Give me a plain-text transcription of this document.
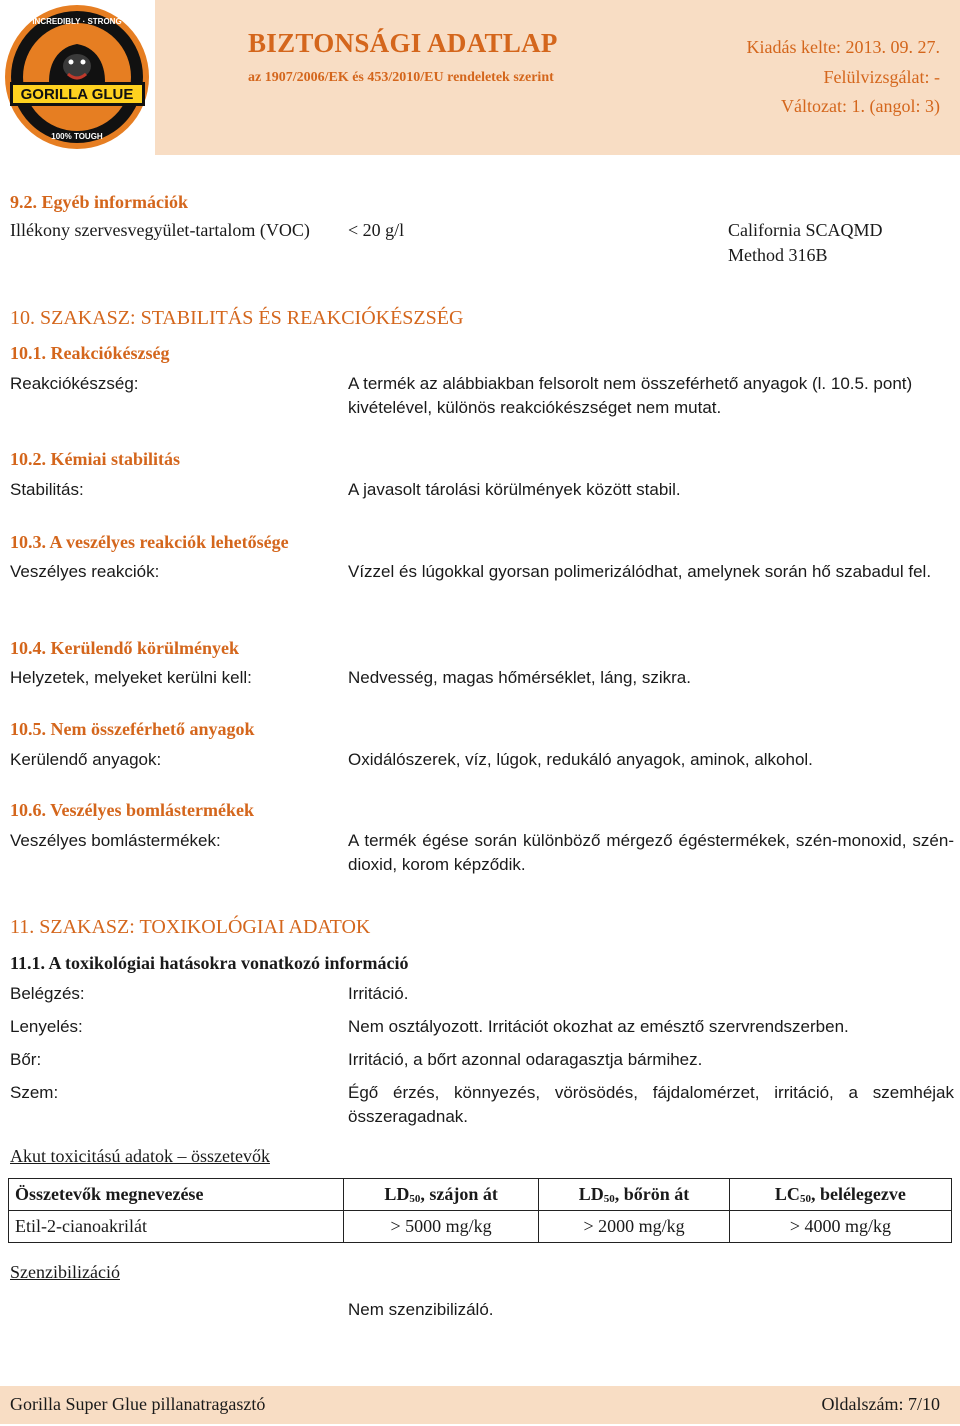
GORILLA GLUE
INCREDIBLY · STRONG
100% TOUGH
BIZTONSÁGI ADATLAP
az 1907/2006/EK és 453/2010/EU rendeletek szerint
Kiadás kelte: 2013. 09. 27.
Felülvizsgálat: -
Változat: 1. (angol: 3)
9.2. Egyéb információk
Illékony szervesvegyület-tartalom (VOC) < 20 g/l	California SCAQMD
Method 316B
10. SZAKASZ: STABILITÁS ÉS REAKCIÓKÉSZSÉG
10.1. Reakciókészség
Reakciókészség:	A termék az alábbiakban felsorolt nem összeférhető anyagok (l. 10.5. pont) kivételével, különös reakciókészséget nem mutat.
10.2. Kémiai stabilitás
Stabilitás:	A javasolt tárolási körülmények között stabil.
10.3. A veszélyes reakciók lehetősége
Veszélyes reakciók:	Vízzel és lúgokkal gyorsan polimerizálódhat, amelynek során hő szabadul fel.
10.4. Kerülendő körülmények
Helyzetek, melyeket kerülni kell:	Nedvesség, magas hőmérséklet, láng, szikra.
10.5. Nem összeférhető anyagok
Kerülendő anyagok:	Oxidálószerek, víz, lúgok, redukáló anyagok, aminok, alkohol.
10.6. Veszélyes bomlástermékek
Veszélyes bomlástermékek:	A termék égése során különböző mérgező égéstermékek, szén-monoxid, szén-dioxid, korom képződik.
11. SZAKASZ: TOXIKOLÓGIAI ADATOK
11.1. A toxikológiai hatásokra vonatkozó információ
Belégzés:	Irritáció.
Lenyelés:	Nem osztályozott. Irritációt okozhat az emésztő szervrendszerben.
Bőr:	Irritáció, a bőrt azonnal odaragasztja bármihez.
Szem:	Égő érzés, könnyezés, vörösödés, fájdalomérzet, irritáció, a szemhéjak összeragadnak.
Akut toxicitású adatok – összetevők
Összetevők megnevezése	$LD_{50}$, szájon át	$LD_{50}$, bőrön át	$LC_{50}$, belélegezve
Etil-2-cianoakrilát	> 5000 mg/kg	> 2000 mg/kg	> 4000 mg/kg
Szenzibilizáció
Nem szenzibilizáló.
Gorilla Super Glue pillanatragasztó	Oldalszám: 7/10
